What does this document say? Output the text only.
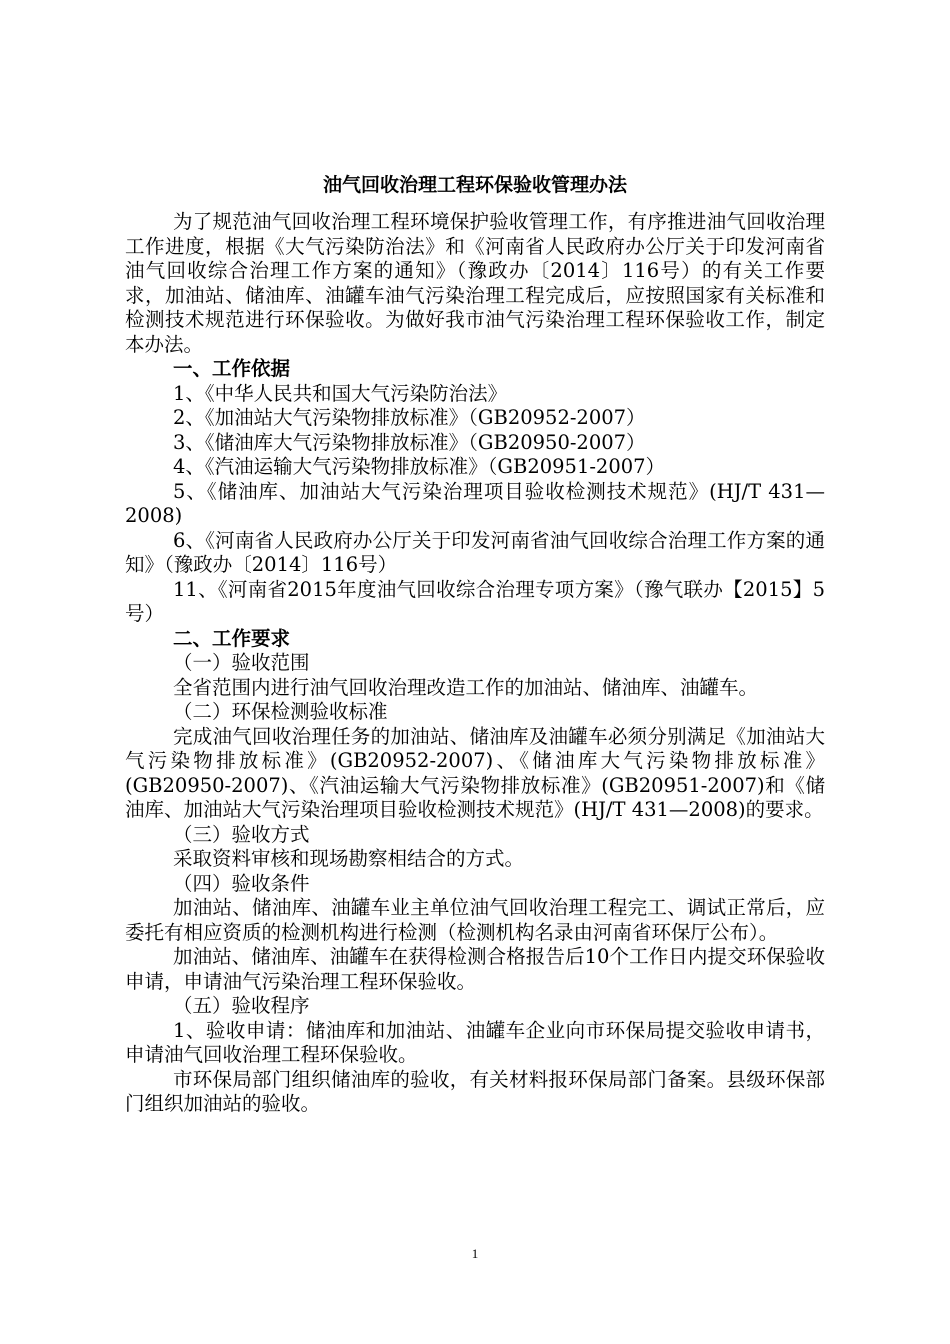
油气回收治理工程环保验收管理办法

为了规范油气回收治理工程环境保护验收管理工作，有序推进油气回收治理工作进度，根据《大气污染防治法》和《河南省人民政府办公厅关于印发河南省油气回收综合治理工作方案的通知》（豫政办〔2014〕116号）的有关工作要求，加油站、储油库、油罐车油气污染治理工程完成后，应按照国家有关标准和检测技术规范进行环保验收。为做好我市油气污染治理工程环保验收工作，制定本办法。

一、工作依据

1、《中华人民共和国大气污染防治法》

2、《加油站大气污染物排放标准》（GB20952-2007）

3、《储油库大气污染物排放标准》（GB20950-2007）

4、《汽油运输大气污染物排放标准》（GB20951-2007）

5、《储油库、加油站大气污染治理项目验收检测技术规范》(HJ/T 431—2008)

6、《河南省人民政府办公厅关于印发河南省油气回收综合治理工作方案的通知》（豫政办〔2014〕116号）

11、《河南省2015年度油气回收综合治理专项方案》（豫气联办【2015】5号）

二、工作要求

（一）验收范围

全省范围内进行油气回收治理改造工作的加油站、储油库、油罐车。

（二）环保检测验收标准

完成油气回收治理任务的加油站、储油库及油罐车必须分别满足《加油站大气污染物排放标准》(GB20952-2007)、《储油库大气污染物排放标准》(GB20950-2007)、《汽油运输大气污染物排放标准》(GB20951-2007)和《储油库、加油站大气污染治理项目验收检测技术规范》(HJ/T 431—2008)的要求。

（三）验收方式

采取资料审核和现场勘察相结合的方式。

（四）验收条件

加油站、储油库、油罐车业主单位油气回收治理工程完工、调试正常后，应委托有相应资质的检测机构进行检测（检测机构名录由河南省环保厅公布）。

加油站、储油库、油罐车在获得检测合格报告后10个工作日内提交环保验收申请，申请油气污染治理工程环保验收。

（五）验收程序

1、验收申请：储油库和加油站、油罐车企业向市环保局提交验收申请书，申请油气回收治理工程环保验收。

市环保局部门组织储油库的验收，有关材料报环保局部门备案。县级环保部门组织加油站的验收。

1
